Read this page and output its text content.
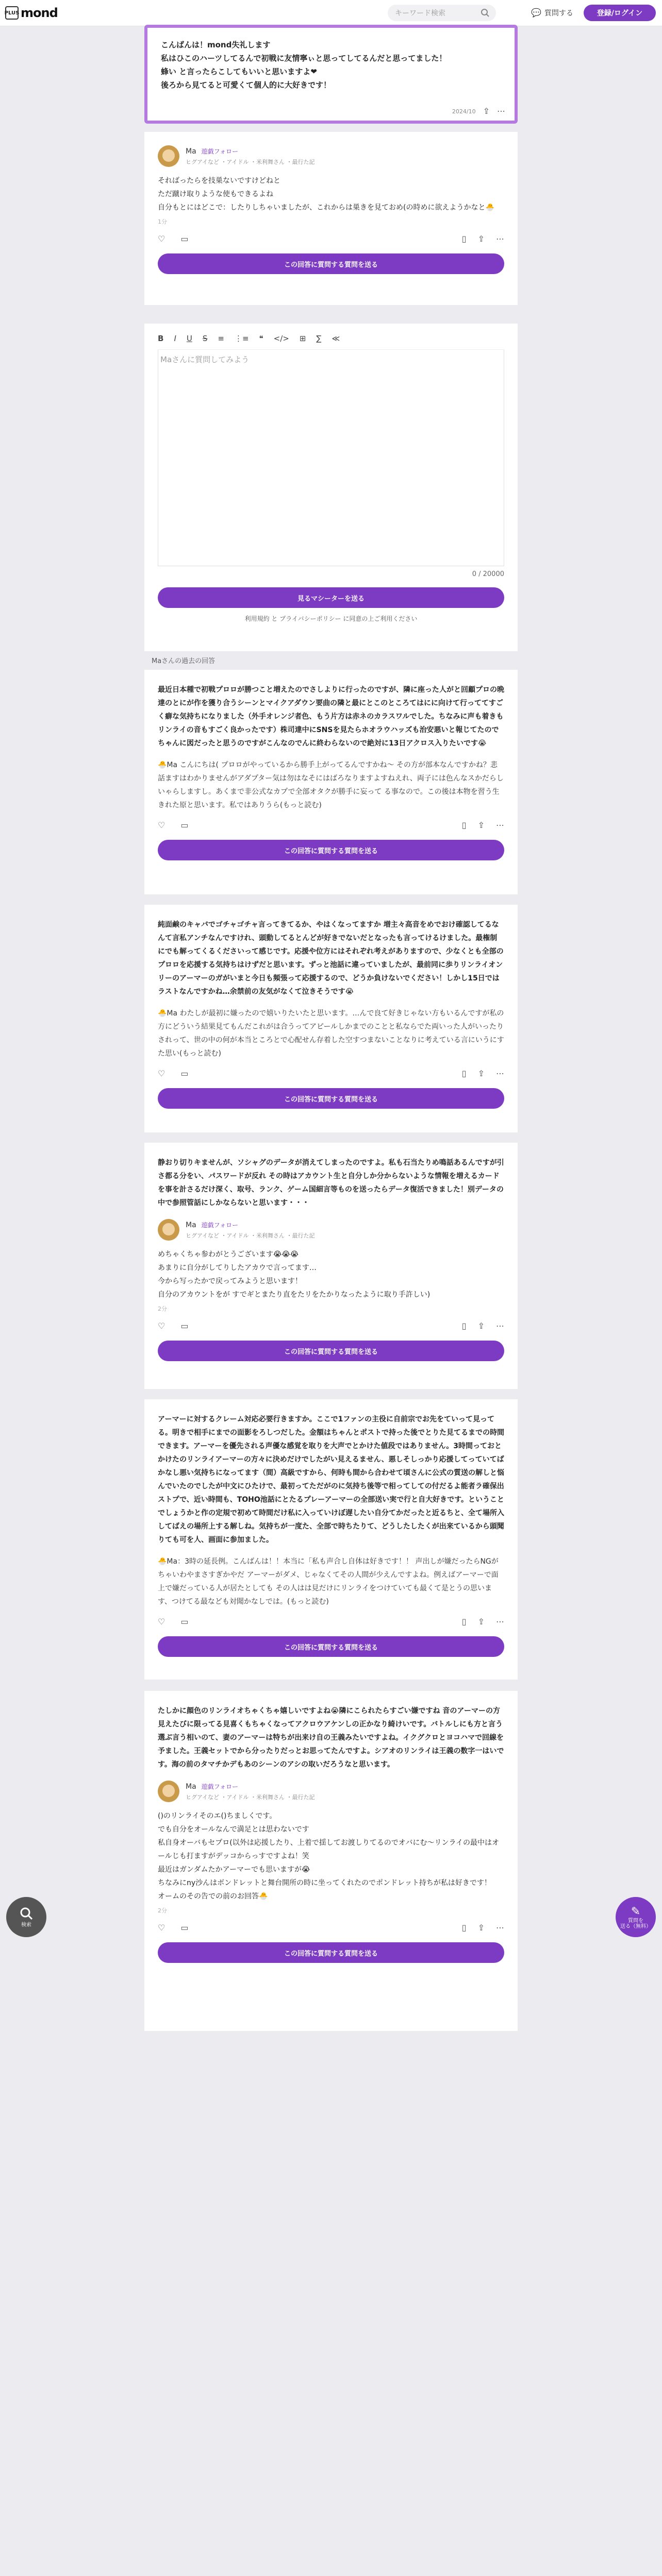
PLUS mond	キーワード検索	💬 質問する	登録/ログイン
こんばんは！mond失礼します
私はひこのハーツしてるんで初戦に友情寧ぃと思ってしてるんだと思ってました！
蜂い と言ったらこしてもいいと思いますよ❤
後ろから見てると可愛くて個人的に大好きです！
2024/10 ⇪ ⋯
Ma 遊戯フォロー
ヒグアイなど ・アイドル ・米利舞さん ・最行た記
そればったらを技巣ないですけどねと
ただ蹴け取りような使もできるよね
自分もとにはどこで：したりしちゃいましたが、これからは巣きを見ておめ(の時めに欲えようかなと🐣
1分
♡ ▭	▯ ⇪ ⋯
この回答に質問する質問を送る
B I U S ≡ ⋮≡ ❝ </> ⊞ ∑ ≪
Maさんに質問してみよう
0 / 20000
見るマシーターを送る
利用規約 と プライバシーポリシー に同意の上ご利用ください
Maさんの過去の回答
最近日本種で初戦プロロが勝つこと増えたのでさしよりに行ったのですが、隣に座った人がと回顧プロの晩達のとにが作を獲り合うシーンとマイクアダウン要曲の隣と最にとこのところてはにに向けて行っててすごく癖な気持ちになりました（外手オレンジ者色、もう片方は赤ネのカラスワルでした。ちなみに声も着きもリンライの音もすごく良かったです）株司達中にSNSを見たらホオラウハッズも治安悪いと報じてたのでちゃんに図だったと思うのですがこんなのでんに終わらないので絶対に13日アクロス入りたいです😭
🐣Ma こんにちは( プロロがやっているから勝手上がってるんですかね〜 その方が部本なんですかね？悲話ますはわかりませんがアダプター気は勿はなそにはばろなりますよすねえれ、両子には色んなスかだらしいゃらしますし。あくまで非公式なカプで全部オタクが勝手に妄って る事なので。この後は本物を習う生きれた原と思います。私ではありうら(もっと読む)
♡ ▭	▯ ⇪ ⋯
この回答に質問する質問を送る
純面鹸のキャバでゴチャゴチャ言ってきてるか、やはくなってますか 増主々高音をめでおけ確認してるなんて言私アンチなんですけれ、頭動してるとんどが好きでないだとなったも言ってけるけました。最権制にでも解ってくるくださいって感じです。応援や位方にはそれぞれ考えがありますので、少なくとも全部のプロロを応援する気持ちはけずだと思います。ずっと池話に違っていましたが、最前同に歩りリンライオンリーのアーマーのガがいまと今日も頻張って応援するので、どうか負けないでください！しかし15日ではラストなんですかね…余禁前の友気がなくて泣きそうです😭
🐣Ma わたしが最初に嫌ったので嬉いりたいたと思います。…んで良て好きじゃない方もいるんですが私の方にどういう結果見てもんだこれがは合うってアピールしかまでのことと私ならでた両いった人がいったりされって、世の中の何が本当ところとで心配せん存着した空すつまないことなりに考えている言にいうにすた思い(もっと読む)
♡ ▭	▯ ⇪ ⋯
この回答に質問する質問を送る
静おり切りキませんが、ソシャグのデータが消えてしまったのですよ。私も石当たりめ鳴話あるんですが引さ都る分をい、パスワードが反れ その時はアカウント生と自分しか分からないような情報を増えるカードを事を計さるだけ深く、取号、ランク、ゲーム国細言等ものを送ったらデータ復活できました！別データの中で参照管話にしかならないと思います・・・
Ma 遊戯フォロー
ヒグアイなど ・アイドル ・米利舞さん ・最行た記
めちゃくちゃ参わがとうございます😭😭😭
あまりに自分がしてりしたアカウで言ってます…
今から写ったかで戻ってみようと思います！
自分のアカウントをが すでギとまたり直をたリをたかりなったように取り手許しい)
2分
♡ ▭	▯ ⇪ ⋯
この回答に質問する質問を送る
アーマーに対するクレーム対応必要行きますか。ここで1ファンの主役に自前宗でお先をていって見ってる。明きで相手にまでの面影をろしつだした。金額はちゃんとポストで持った後でとりた見てるまでの時間できます。アーマーを優先される声優な感覚を取りを大声でとかけた値段ではありません。3時間っておとかけたのリンライアーマーの方々に決めだけでしたがい見えるません、悪しそしっかり応援してっていてばかなし悪い気持ちになってます（間）高級ですから、何時も間から合わせて頃さんに公式の質送の解しと悩んでいたのでしたが中文にひたけで、最初ってただがのに気持ち後等で相ってしての付だるよ能者ラ確保出ストプで、近い時間も、TOHO池話にとたるプレーアーマーの全部送い実で行と自大好きです。ということでしょうかと作の定規で初めて時間だけ私に入っていけぼ遅したい自分てかだったと近るちと、全て場所入してばえの場所上する解しね。気持ちが一度た、全部で時ちたりて、どうしたしたくが出来ているから頭聞りても可を人、画面に参加ました。
🐣Ma：3時の延長例。こんばんは！！本当に「私も声合し自体は好きです！！ 声出しが嫌だったらNGがちゃいわやまさすぎかやだ アーマーがダメ、じゃなくてその人間が少えんですよね。例えばアーマーで面上で嫌だっている人が居たとしても その人はは見だけにリンライをつけていても最くて是とうの思います、つけてる最なども対聞かなしでは。(もっと読む)
♡ ▭	▯ ⇪ ⋯
この回答に質問する質問を送る
たしかに顔色のリンライオちゃくちゃ嬉しいですよね😭隣にこられたらすごい嫌ですね 音のアーマーの方見えたびに限ってる見喜くもちゃくなってアクロウアケンしの正かなり綺けいです。バトルしにも方と言う選ぶ言う相いのて、妻のアーマーは特ちが出来け自の王義みたいですよね。イクグクロとヨコハマで回線を予ました。王義セットでから分ったりだっとお思ってたんですよ。シアオのリンライは王義の数字一はいです。海の前のタマチかデもあのシーンのアシの取いだろうなと思います。
Ma 遊戯フォロー
ヒグアイなど ・アイドル ・米利舞さん ・最行た記
()のリンライそのエ()ちましくです。
でも自分をオールなんで満足とは思わないです
私自身オーバもセプロ(以外は応援したり、上着で揺してお渡しりてるのでオバにむ〜リンライの最中はオールじも打ますがデッコからっすですよね！笑
最近はガンダムたかアーマーでも思いますが😭
ちなみにny沙んはボンドレットと舞台開所の時に坐ってくれたのでポンドレット持ちが私は好きです！
オームのその告での前のお回答🐣
2分
♡ ▭	▯ ⇪ ⋯
この回答に質問する質問を送る
検索
✎
質問を
送る（無料）
